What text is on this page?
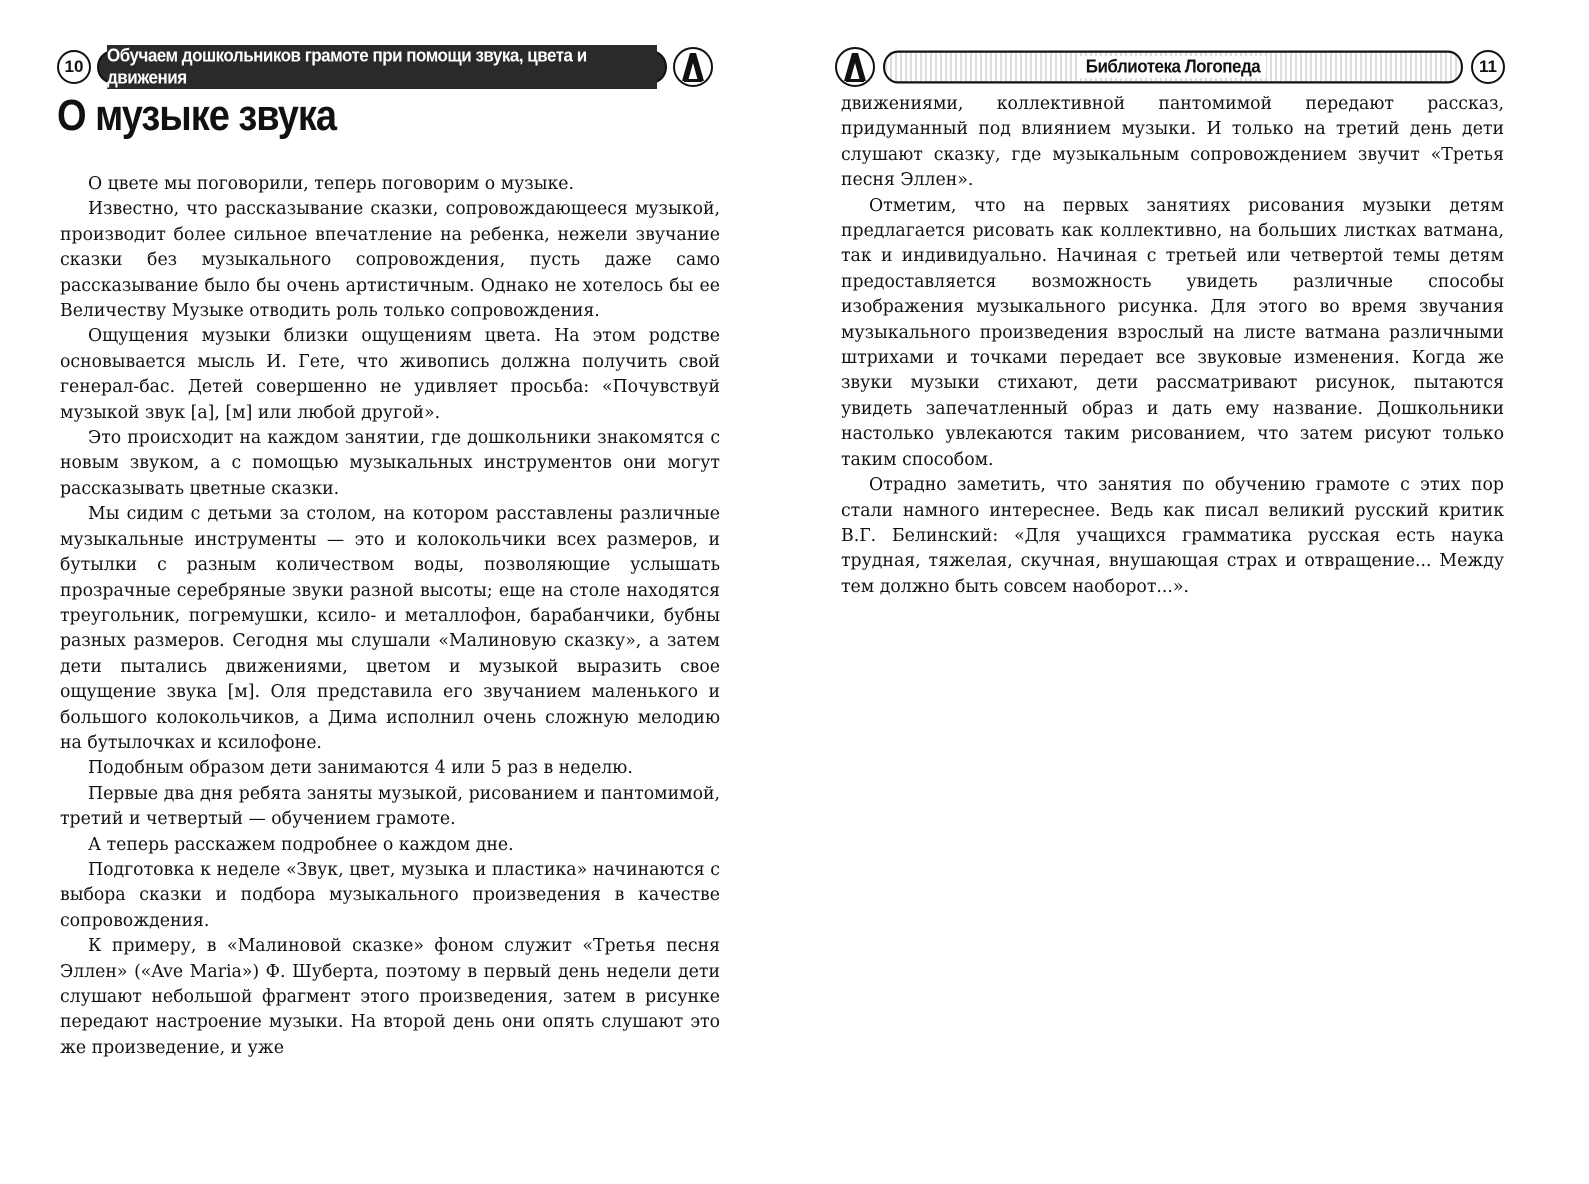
10
Обучаем дошкольников грамоте при помощи звука, цвета и движения
О музыке звука

О цвете мы поговорили, теперь поговорим о музыке.

Известно, что рассказывание сказки, сопровождающееся музыкой, производит более сильное впечатление на ребенка, нежели звучание сказки без музыкального сопровождения, пусть даже само рассказывание было бы очень артистичным. Однако не хотелось бы ее Величеству Музыке отводить роль только сопровождения.

Ощущения музыки близки ощущениям цвета. На этом родстве основывается мысль И. Гете, что живопись должна получить свой генерал-бас. Детей совершенно не удивляет просьба: «Почувствуй музыкой звук [а], [м] или любой другой».

Это происходит на каждом занятии, где дошкольники знакомятся с новым звуком, а с помощью музыкальных инструментов они могут рассказывать цветные сказки.

Мы сидим с детьми за столом, на котором расставлены различные музыкальные инструменты — это и колокольчики всех размеров, и бутылки с разным количеством воды, позволяющие услышать прозрачные серебряные звуки разной высоты; еще на столе находятся треугольник, погремушки, ксило- и металлофон, барабанчики, бубны разных размеров. Сегодня мы слушали «Малиновую сказку», а затем дети пытались движениями, цветом и музыкой выразить свое ощущение звука [м]. Оля представила его звучанием маленького и большого колокольчиков, а Дима исполнил очень сложную мелодию на бутылочках и ксилофоне.

Подобным образом дети занимаются 4 или 5 раз в неделю.

Первые два дня ребята заняты музыкой, рисованием и пантомимой, третий и четвертый — обучением грамоте.

А теперь расскажем подробнее о каждом дне.

Подготовка к неделе «Звук, цвет, музыка и пластика» начинаются с выбора сказки и подбора музыкального произведения в качестве сопровождения.

К примеру, в «Малиновой сказке» фоном служит «Третья песня Эллен» («Ave Maria») Ф. Шуберта, поэтому в первый день недели дети слушают небольшой фрагмент этого произведения, затем в рисунке передают настроение музыки. На второй день они опять слушают это же произведение, и уже

Библиотека Логопеда	11

движениями, коллективной пантомимой передают рассказ, придуманный под влиянием музыки. И только на третий день дети слушают сказку, где музыкальным сопровождением звучит «Третья песня Эллен».

Отметим, что на первых занятиях рисования музыки детям предлагается рисовать как коллективно, на больших листках ватмана, так и индивидуально. Начиная с третьей или четвертой темы детям предоставляется возможность увидеть различные способы изображения музыкального рисунка. Для этого во время звучания музыкального произведения взрослый на листе ватмана различными штрихами и точками передает все звуковые изменения. Когда же звуки музыки стихают, дети рассматривают рисунок, пытаются увидеть запечатленный образ и дать ему название. Дошкольники настолько увлекаются таким рисованием, что затем рисуют только таким способом.

Отрадно заметить, что занятия по обучению грамоте с этих пор стали намного интереснее. Ведь как писал великий русский критик В.Г. Белинский: «Для учащихся грамматика русская есть наука трудная, тяжелая, скучная, внушающая страх и отвращение... Между тем должно быть совсем наоборот...».
